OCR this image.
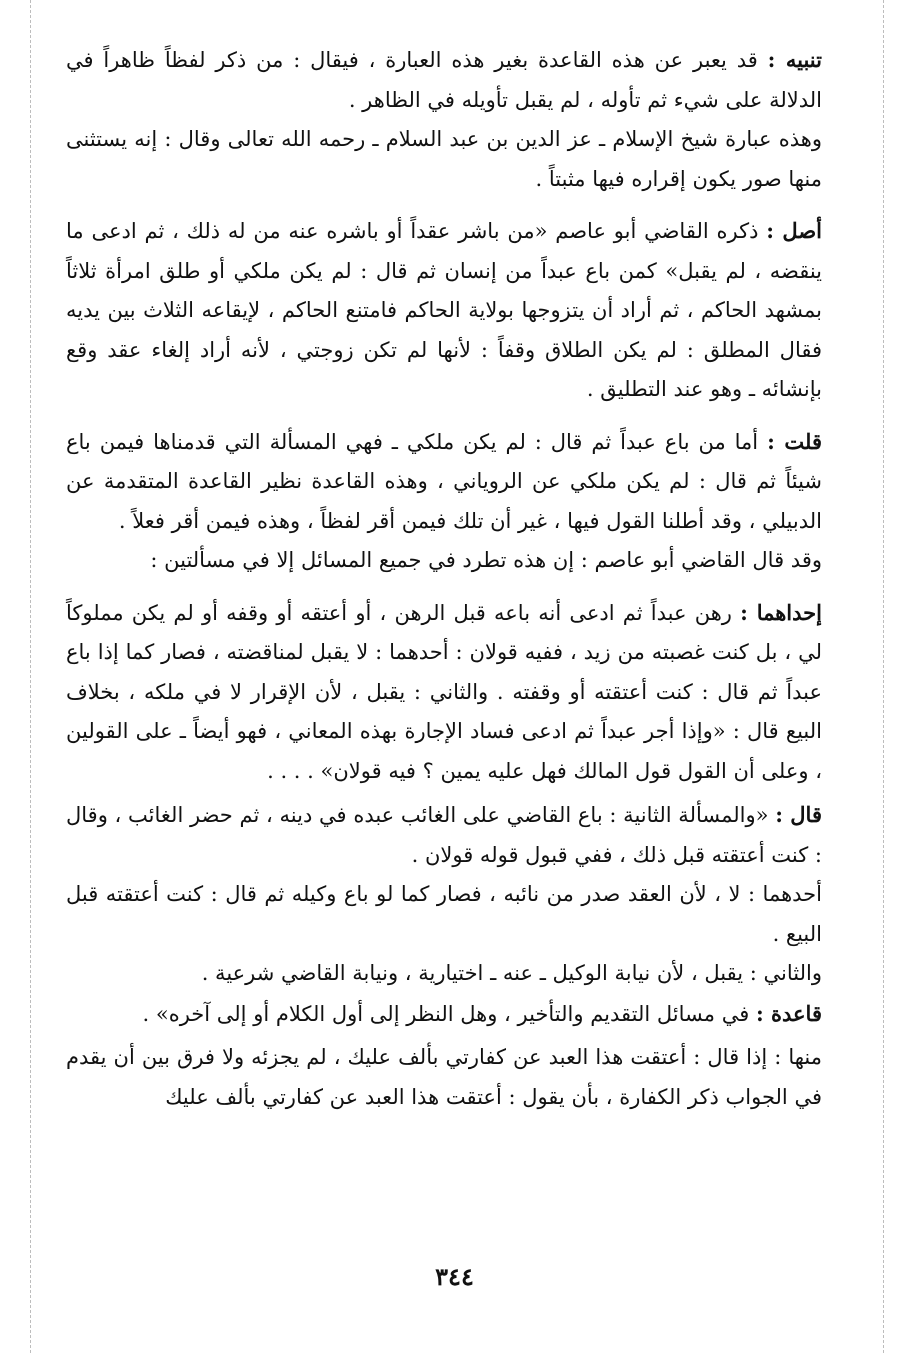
تنبيه : قد يعبر عن هذه القاعدة بغير هذه العبارة ، فيقال : من ذكر لفظاً ظاهراً في الدلالة على شيء ثم تأوله ، لم يقبل تأويله في الظاهر .

وهذه عبارة شيخ الإسلام ـ عز الدين بن عبد السلام ـ رحمه الله تعالى وقال : إنه يستثنى منها صور يكون إقراره فيها مثبتاً .

أصل : ذكره القاضي أبو عاصم «من باشر عقداً أو باشره عنه من له ذلك ، ثم ادعى ما ينقضه ، لم يقبل» كمن باع عبداً من إنسان ثم قال : لم يكن ملكي أو طلق امرأة ثلاثاً بمشهد الحاكم ، ثم أراد أن يتزوجها بولاية الحاكم فامتنع الحاكم ، لإيقاعه الثلاث بين يديه فقال المطلق : لم يكن الطلاق وقفاً : لأنها لم تكن زوجتي ، لأنه أراد إلغاء عقد وقع بإنشائه ـ وهو عند التطليق .

قلت : أما من باع عبداً ثم قال : لم يكن ملكي ـ فهي المسألة التي قدمناها فيمن باع شيئاً ثم قال : لم يكن ملكي عن الروياني ، وهذه القاعدة نظير القاعدة المتقدمة عن الدبيلي ، وقد أطلنا القول فيها ، غير أن تلك فيمن أقر لفظاً ، وهذه فيمن أقر فعلاً .

وقد قال القاضي أبو عاصم : إن هذه تطرد في جميع المسائل إلا في مسألتين :

إحداهما : رهن عبداً ثم ادعى أنه باعه قبل الرهن ، أو أعتقه أو وقفه أو لم يكن مملوكاً لي ، بل كنت غصبته من زيد ، ففيه قولان : أحدهما : لا يقبل لمناقضته ، فصار كما إذا باع عبداً ثم قال : كنت أعتقته أو وقفته . والثاني : يقبل ، لأن الإقرار لا في ملكه ، بخلاف البيع قال : «وإذا أجر عبداً ثم ادعى فساد الإجارة بهذه المعاني ، فهو أيضاً ـ على القولين ، وعلى أن القول قول المالك فهل عليه يمين ؟ فيه قولان» . . . .

قال : «والمسألة الثانية : باع القاضي على الغائب عبده في دينه ، ثم حضر الغائب ، وقال : كنت أعتقته قبل ذلك ، ففي قبول قوله قولان .

أحدهما : لا ، لأن العقد صدر من نائبه ، فصار كما لو باع وكيله ثم قال : كنت أعتقته قبل البيع .

والثاني : يقبل ، لأن نيابة الوكيل ـ عنه ـ اختيارية ، ونيابة القاضي شرعية .

قاعدة : في مسائل التقديم والتأخير ، وهل النظر إلى أول الكلام أو إلى آخره» .

منها : إذا قال : أعتقت هذا العبد عن كفارتي بألف عليك ، لم يجزئه ولا فرق بين أن يقدم في الجواب ذكر الكفارة ، بأن يقول : أعتقت هذا العبد عن كفارتي بألف عليك

٣٤٤
